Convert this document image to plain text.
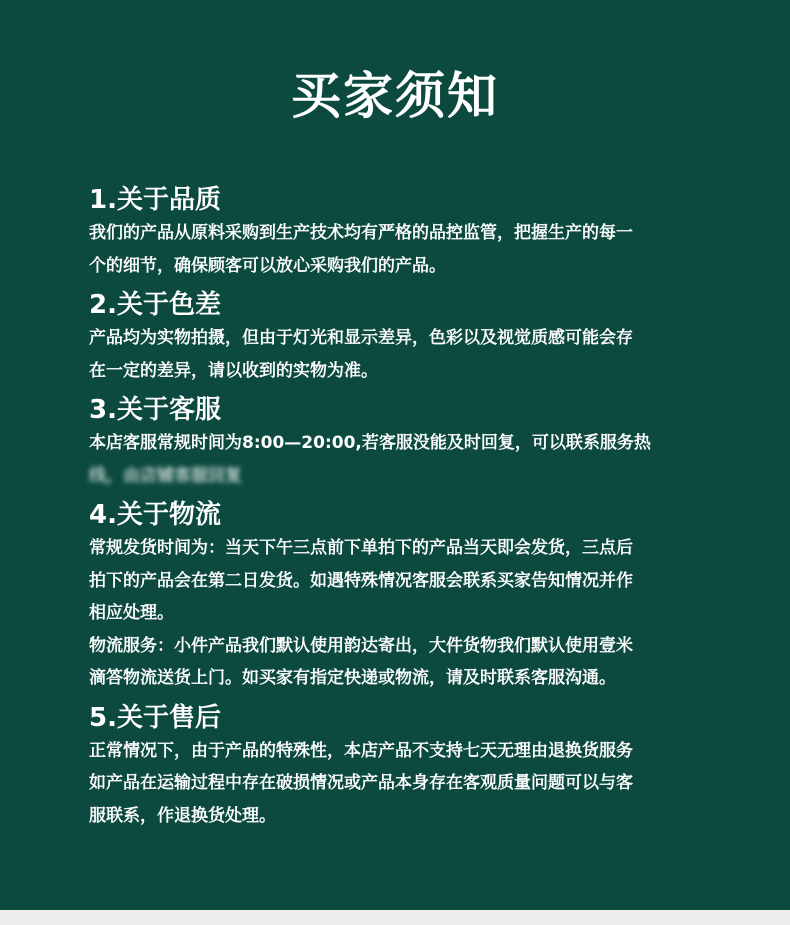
买家须知
1.关于品质
我们的产品从原料采购到生产技术均有严格的品控监管，把握生产的每一
个的细节，确保顾客可以放心采购我们的产品。
2.关于色差
产品均为实物拍摄，但由于灯光和显示差异，色彩以及视觉质感可能会存
在一定的差异，请以收到的实物为准。
3.关于客服
本店客服常规时间为8:00—20:00,若客服没能及时回复，可以联系服务热
线，由店铺客服回复
4.关于物流
常规发货时间为：当天下午三点前下单拍下的产品当天即会发货，三点后
拍下的产品会在第二日发货。如遇特殊情况客服会联系买家告知情况并作
相应处理。
物流服务：小件产品我们默认使用韵达寄出，大件货物我们默认使用壹米
滴答物流送货上门。如买家有指定快递或物流，请及时联系客服沟通。
5.关于售后
正常情况下，由于产品的特殊性，本店产品不支持七天无理由退换货服务
如产品在运输过程中存在破损情况或产品本身存在客观质量问题可以与客
服联系，作退换货处理。
